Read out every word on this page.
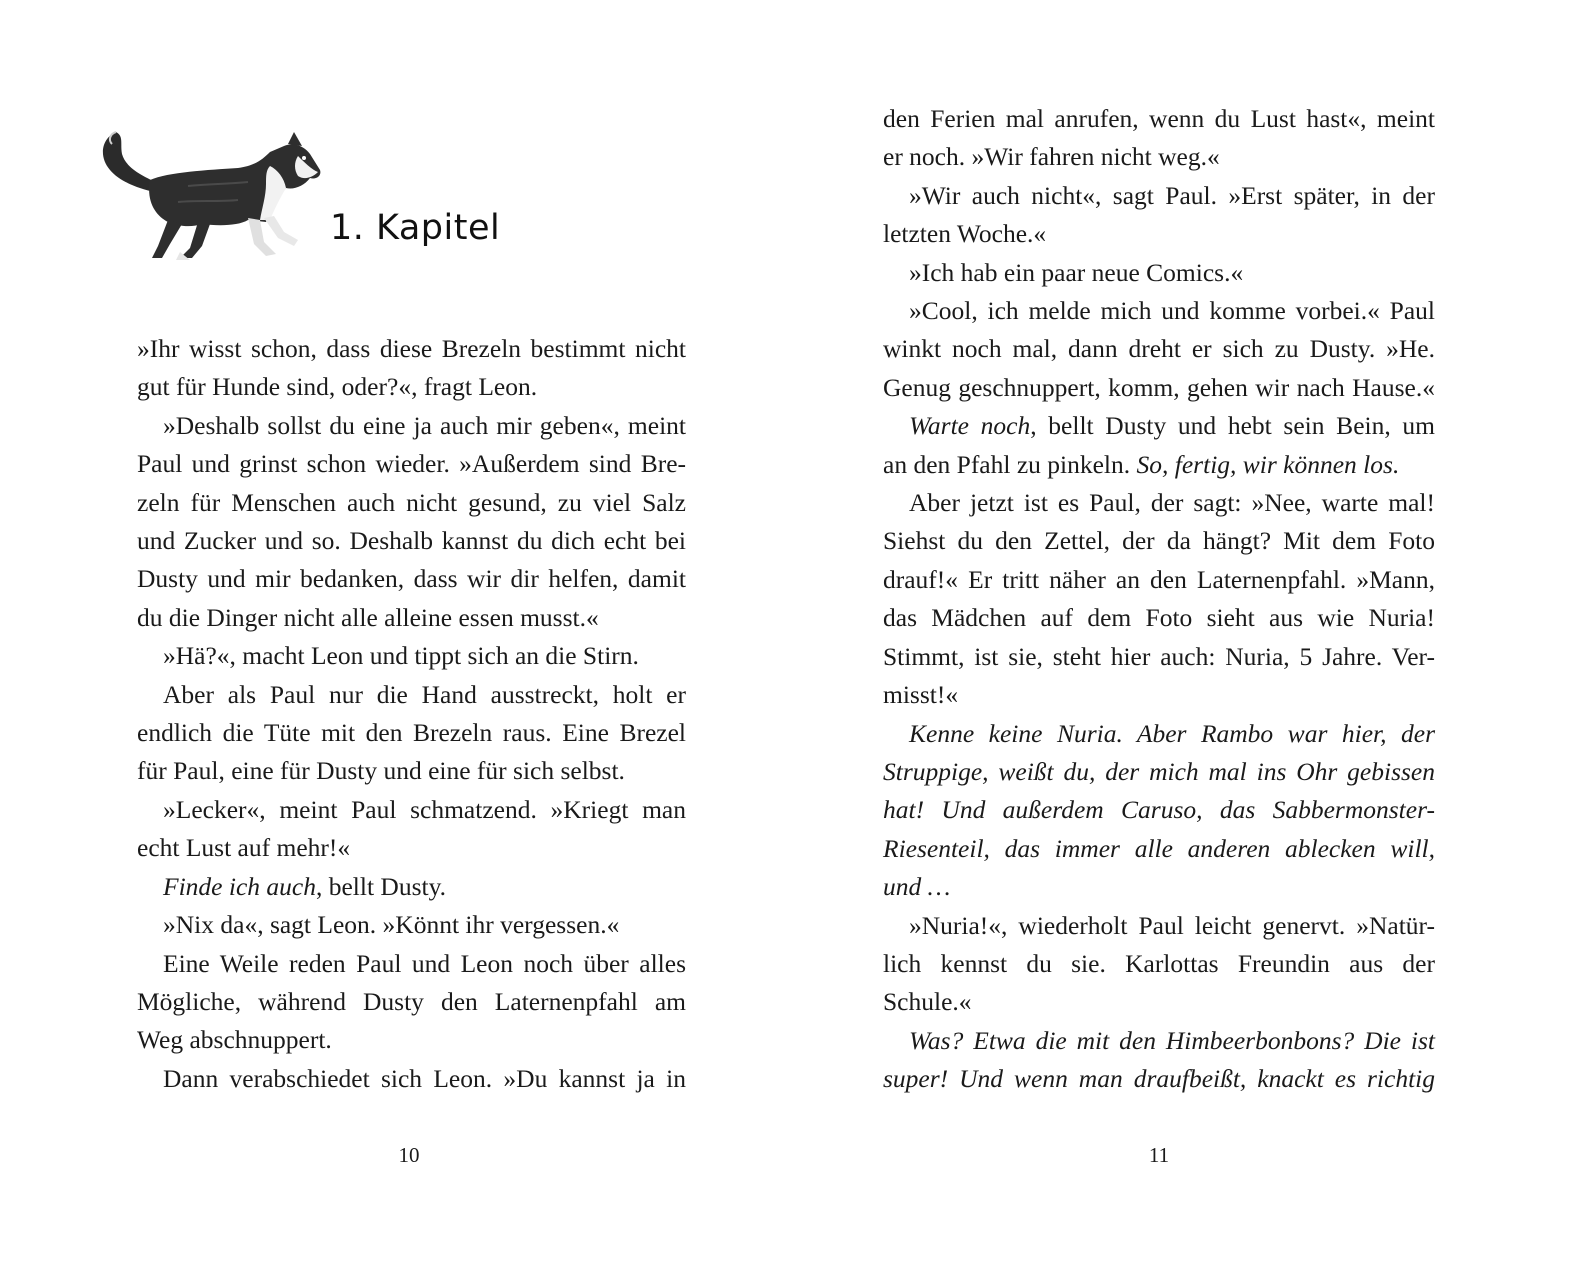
1. Kapitel
»Ihr wisst schon, dass diese Brezeln bestimmt nicht
gut für Hunde sind, oder?«, fragt Leon.
»Deshalb sollst du eine ja auch mir geben«, meint
Paul und grinst schon wieder. »Außerdem sind Bre-
zeln für Menschen auch nicht gesund, zu viel Salz
und Zucker und so. Deshalb kannst du dich echt bei
Dusty und mir bedanken, dass wir dir helfen, damit
du die Dinger nicht alle alleine essen musst.«
»Hä?«, macht Leon und tippt sich an die Stirn.
Aber als Paul nur die Hand ausstreckt, holt er
endlich die Tüte mit den Brezeln raus. Eine Brezel
für Paul, eine für Dusty und eine für sich selbst.
»Lecker«, meint Paul schmatzend. »Kriegt man
echt Lust auf mehr!«
Finde ich auch, bellt Dusty.
»Nix da«, sagt Leon. »Könnt ihr vergessen.«
Eine Weile reden Paul und Leon noch über alles
Mögliche, während Dusty den Laternenpfahl am
Weg abschnuppert.
Dann verabschiedet sich Leon. »Du kannst ja in
10
den Ferien mal anrufen, wenn du Lust hast«, meint
er noch. »Wir fahren nicht weg.«
»Wir auch nicht«, sagt Paul. »Erst später, in der
letzten Woche.«
»Ich hab ein paar neue Comics.«
»Cool, ich melde mich und komme vorbei.« Paul
winkt noch mal, dann dreht er sich zu Dusty. »He.
Genug geschnuppert, komm, gehen wir nach Hause.«
Warte noch, bellt Dusty und hebt sein Bein, um
an den Pfahl zu pinkeln. So, fertig, wir können los.
Aber jetzt ist es Paul, der sagt: »Nee, warte mal!
Siehst du den Zettel, der da hängt? Mit dem Foto
drauf!« Er tritt näher an den Laternenpfahl. »Mann,
das Mädchen auf dem Foto sieht aus wie Nuria!
Stimmt, ist sie, steht hier auch: Nuria, 5 Jahre. Ver-
misst!«
Kenne keine Nuria. Aber Rambo war hier, der
Struppige, weißt du, der mich mal ins Ohr gebissen
hat! Und außerdem Caruso, das Sabbermonster-
Riesenteil, das immer alle anderen ablecken will,
und …
»Nuria!«, wiederholt Paul leicht genervt. »Natür-
lich kennst du sie. Karlottas Freundin aus der
Schule.«
Was? Etwa die mit den Himbeerbonbons? Die ist
super! Und wenn man draufbeißt, knackt es richtig
11
